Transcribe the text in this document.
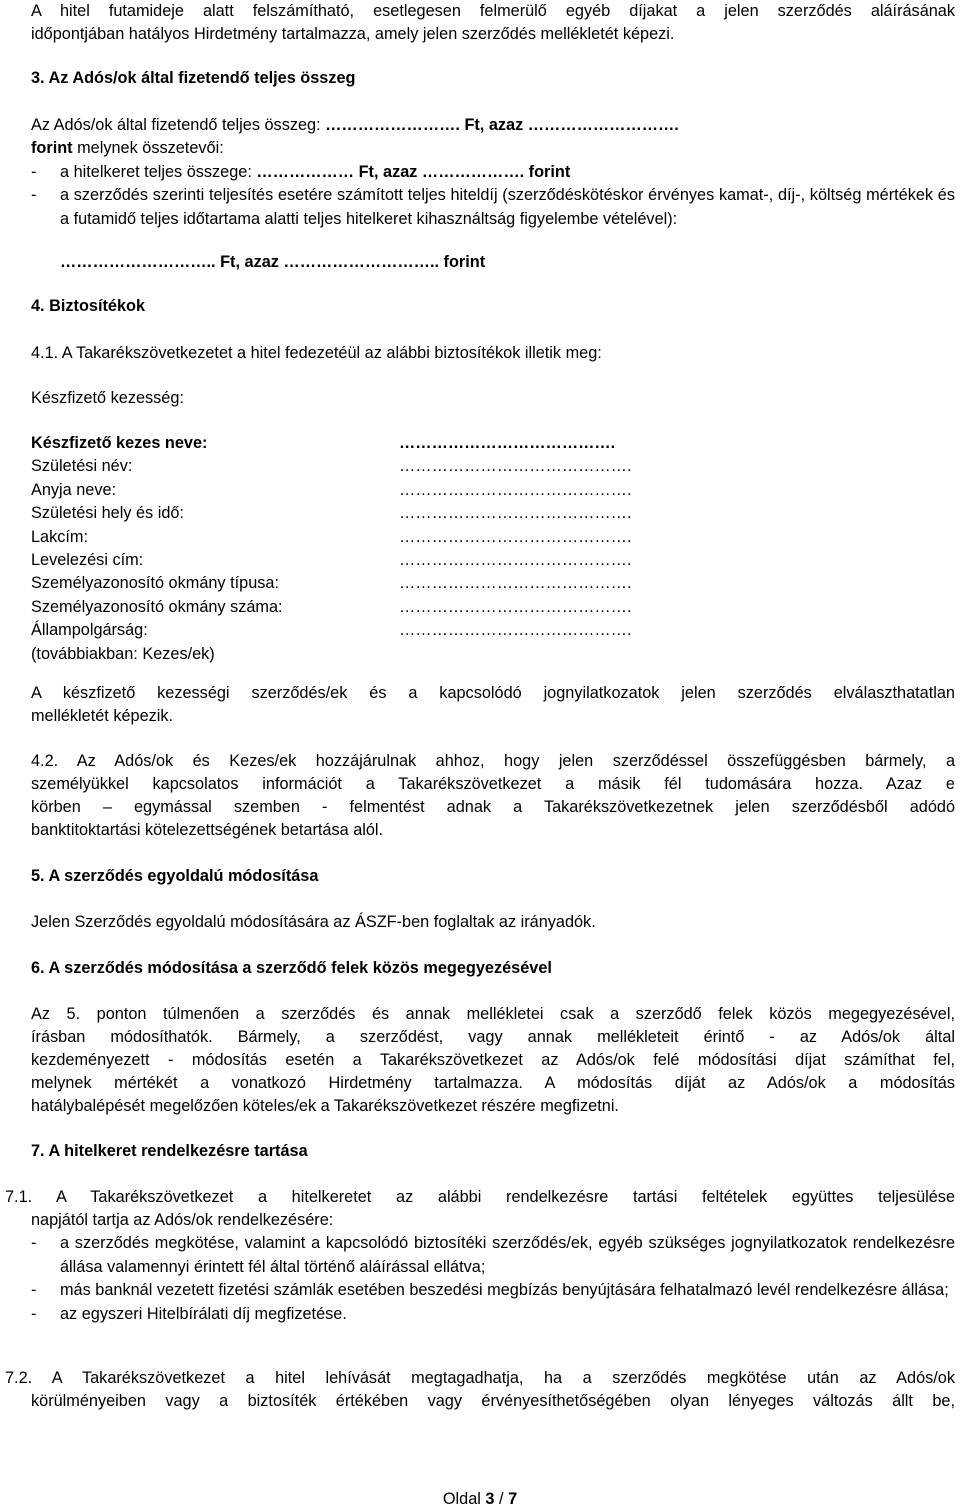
A hitel futamideje alatt felszámítható, esetlegesen felmerülő egyéb díjakat a jelen szerződés aláírásának
időpontjában hatályos Hirdetmény tartalmazza, amely jelen szerződés mellékletét képezi.
3. Az Adós/ok által fizetendő teljes összeg
Az Adós/ok által fizetendő teljes összeg: ……………………. Ft, azaz ……………………….
forint melynek összetevői:
- a hitelkeret teljes összege: ……………… Ft, azaz ………………. forint
- a szerződés szerinti teljesítés esetére számított teljes hiteldíj (szerződéskötéskor érvényes kamat-, díj-, költség mértékek és a futamidő teljes időtartama alatti teljes hitelkeret kihasználtság figyelembe vételével):
……………………….. Ft, azaz ……………………….. forint
4. Biztosítékok
4.1. A Takarékszövetkezetet a hitel fedezetéül az alábbi biztosítékok illetik meg:
Készfizető kezesség:
Készfizető kezes neve:	………………………………….
Születési név:	…………………………………….
Anyja neve:	…………………………………….
Születési hely és idő:	…………………………………….
Lakcím:	…………………………………….
Levelezési cím:	…………………………………….
Személyazonosító okmány típusa:	…………………………………….
Személyazonosító okmány száma:	…………………………………….
Állampolgárság:	…………………………………….
(továbbiakban: Kezes/ek)
A készfizető kezességi szerződés/ek és a kapcsolódó jognyilatkozatok jelen szerződés elválaszthatatlan
mellékletét képezik.
4.2. Az Adós/ok és Kezes/ek hozzájárulnak ahhoz, hogy jelen szerződéssel összefüggésben bármely, a
személyükkel kapcsolatos információt a Takarékszövetkezet a másik fél tudomására hozza. Azaz e
körben – egymással szemben - felmentést adnak a Takarékszövetkezetnek jelen szerződésből adódó
banktitoktartási kötelezettségének betartása alól.
5. A szerződés egyoldalú módosítása
Jelen Szerződés egyoldalú módosítására az ÁSZF-ben foglaltak az irányadók.
6. A szerződés módosítása a szerződő felek közös megegyezésével
Az 5. ponton túlmenően a szerződés és annak mellékletei csak a szerződő felek közös megegyezésével,
írásban módosíthatók. Bármely, a szerződést, vagy annak mellékleteit érintő - az Adós/ok által
kezdeményezett - módosítás esetén a Takarékszövetkezet az Adós/ok felé módosítási díjat számíthat fel,
melynek mértékét a vonatkozó Hirdetmény tartalmazza. A módosítás díját az Adós/ok a módosítás
hatálybalépését megelőzően köteles/ek a Takarékszövetkezet részére megfizetni.
7. A hitelkeret rendelkezésre tartása
7.1. A Takarékszövetkezet a hitelkeretet az alábbi rendelkezésre tartási feltételek együttes teljesülése
napjától tartja az Adós/ok rendelkezésére:
- a szerződés megkötése, valamint a kapcsolódó biztosítéki szerződés/ek, egyéb szükséges jognyilatkozatok rendelkezésre állása valamennyi érintett fél által történő aláírással ellátva;
- más banknál vezetett fizetési számlák esetében beszedési megbízás benyújtására felhatalmazó levél rendelkezésre állása;
- az egyszeri Hitelbírálati díj megfizetése.
7.2. A Takarékszövetkezet a hitel lehívását megtagadhatja, ha a szerződés megkötése után az Adós/ok
körülményeiben vagy a biztosíték értékében vagy érvényesíthetőségében olyan lényeges változás állt be,
Oldal 3 / 7
